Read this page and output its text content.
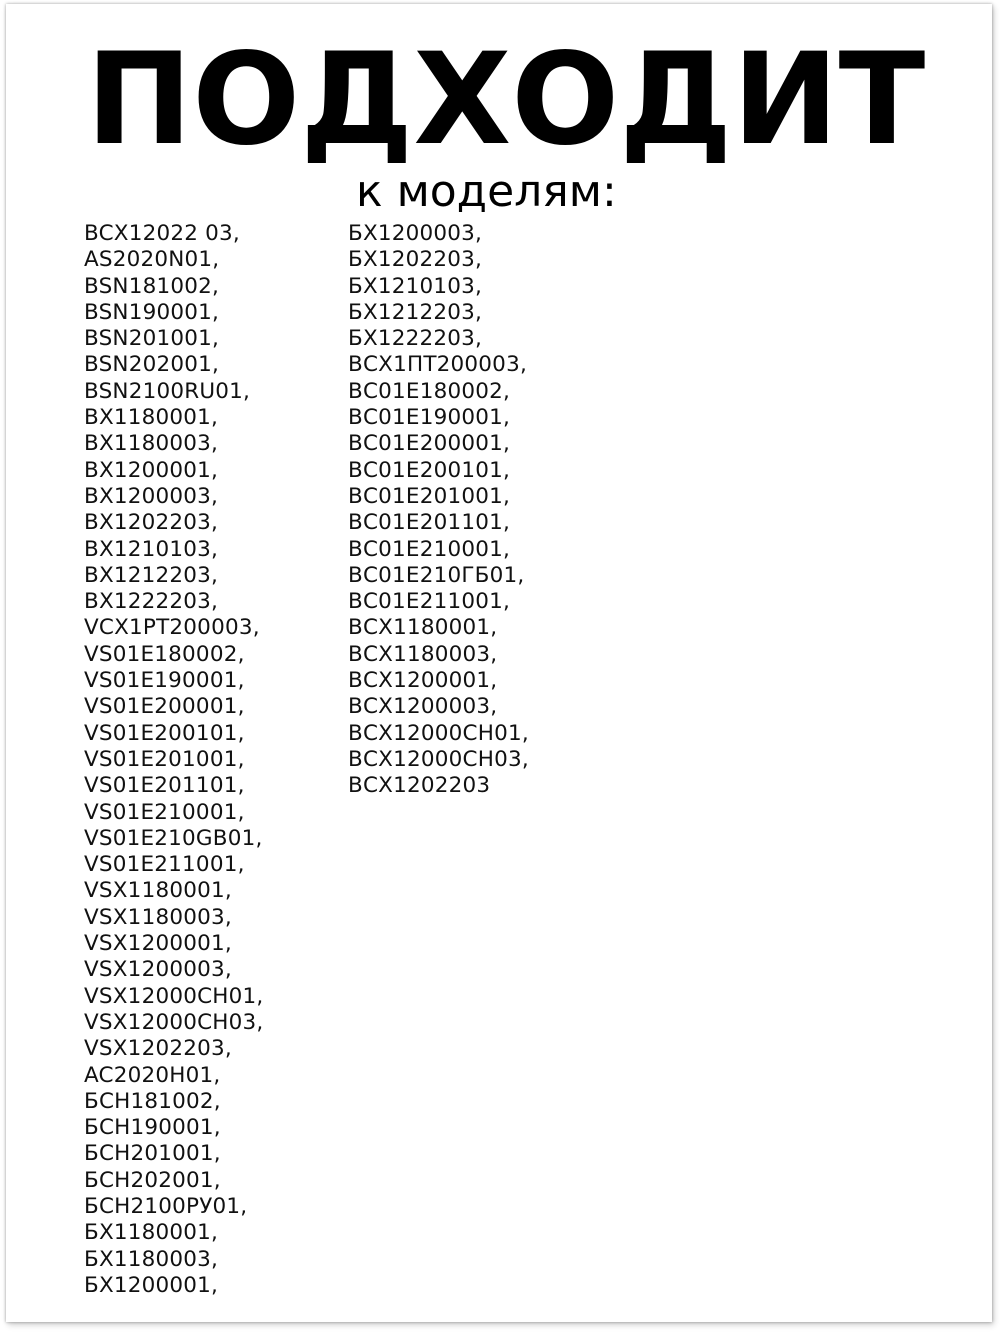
ПОДХОДИТ
к моделям:
BCX12022 03,
AS2020N01,
BSN181002,
BSN190001,
BSN201001,
BSN202001,
BSN2100RU01,
BX1180001,
BX1180003,
BX1200001,
BX1200003,
BX1202203,
BX1210103,
BX1212203,
BX1222203,
VCX1PT200003,
VS01E180002,
VS01E190001,
VS01E200001,
VS01E200101,
VS01E201001,
VS01E201101,
VS01E210001,
VS01E210GB01,
VS01E211001,
VSX1180001,
VSX1180003,
VSX1200001,
VSX1200003,
VSX12000CH01,
VSX12000CH03,
VSX1202203,
AC2020H01,
БСН181002,
БСН190001,
БСН201001,
БСН202001,
БСН2100РУ01,
БХ1180001,
БХ1180003,
БХ1200001,
БХ1200003,
БХ1202203,
БХ1210103,
БХ1212203,
БХ1222203,
ВСХ1ПТ200003,
ВС01Е180002,
ВС01Е190001,
ВС01Е200001,
ВС01Е200101,
ВС01Е201001,
ВС01Е201101,
ВС01Е210001,
ВС01Е210ГБ01,
ВС01Е211001,
ВСХ1180001,
ВСХ1180003,
ВСХ1200001,
ВСХ1200003,
ВСХ12000СН01,
ВСХ12000СН03,
ВСХ1202203
